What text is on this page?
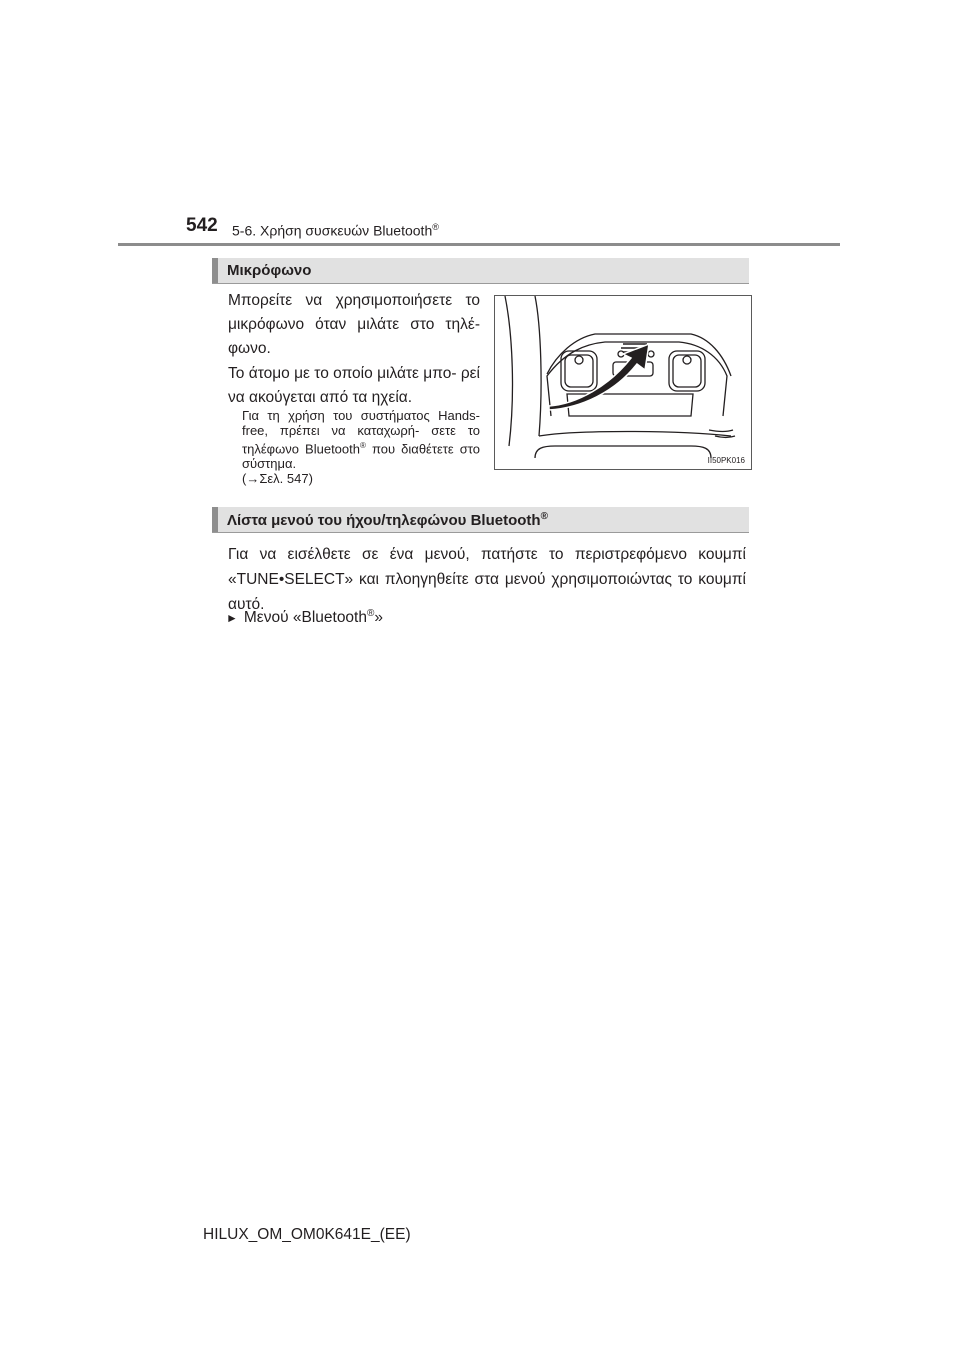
542 5-6. Χρήση συσκευών Bluetooth®
Μικρόφωνο
Μπορείτε να χρησιμοποιήσετε το μικρόφωνο όταν μιλάτε στο τηλέ- φωνο.
Το άτομο με το οποίο μιλάτε μπο- ρεί να ακούγεται από τα ηχεία.
Για τη χρήση του συστήματος Hands-free, πρέπει να καταχωρή- σετε το τηλέφωνο Bluetooth® που διαθέτετε στο σύστημα.
(→Σελ. 547)
II50PK016
Λίστα μενού του ήχου/τηλεφώνου Bluetooth®
Για να εισέλθετε σε ένα μενού, πατήστε το περιστρεφόμενο κουμπί «TUNE•SELECT» και πλοηγηθείτε στα μενού χρησιμοποιώντας το κουμπί αυτό.
► Μενού «Bluetooth®»
HILUX_OM_OM0K641E_(EE)
